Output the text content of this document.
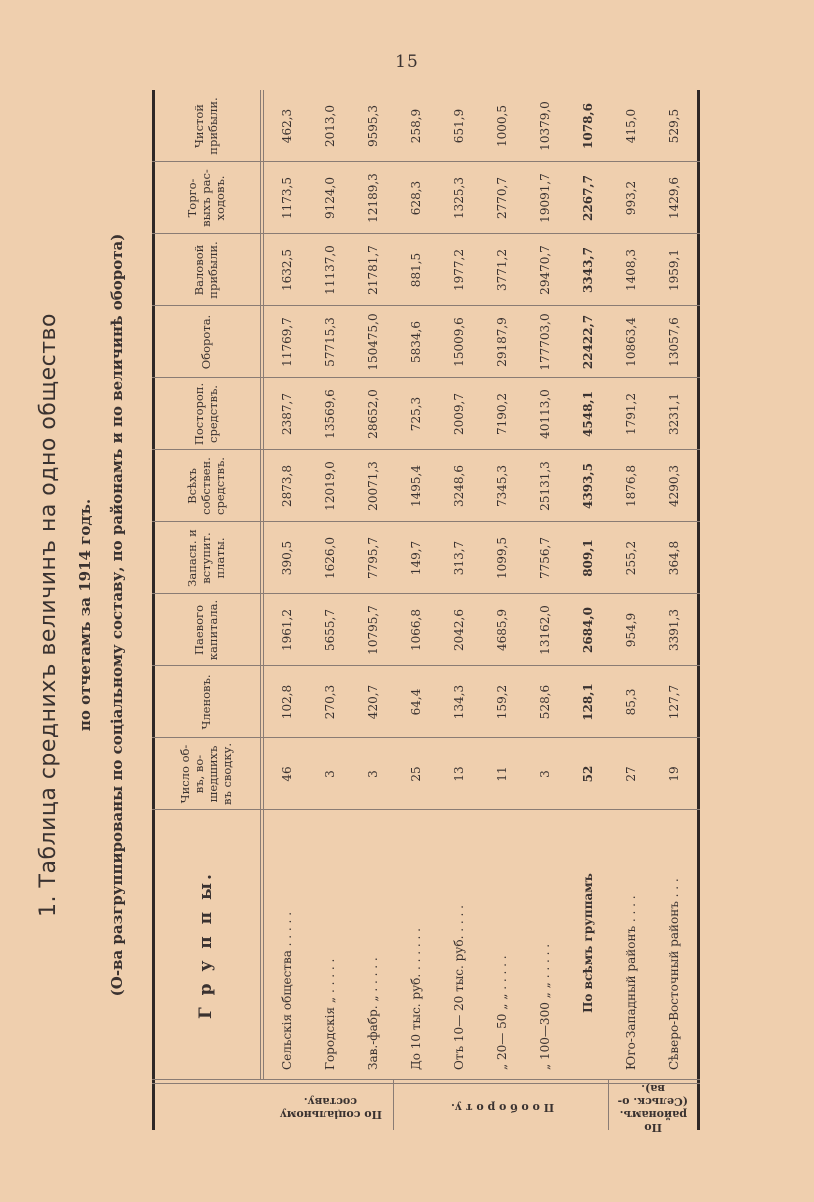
15
1. Таблица среднихъ величинъ на одно общество по отчетамъ за 1914 годъ. (О-ва разгруппированы по соціальному составу, по районамъ и по величинѣ оборота)	Г р у п п ы.
Число об-въ, во-шедшихъ въ сводку.
Членовъ.
Паевого капитала.
Запасн. и вступит. платы.
Всѣхъ собствен. средствъ.
Постороп. средствъ.
Оборота.
Валовой прибыли.
Торго-выхъ рас-ходовъ.
Чистой прибыли.
По соціальному составу.	П о о б о р о т у.
По районамъ. (Сельск. о-ва).
Сельскія общества . . . . .
46
102,8
1961,2
390,5
2873,8
2387,7
11769,7
1632,5
1173,5
462,3
Городскія „ . . . . .
3
270,3
5655,7
1626,0
12019,0
13569,6
57715,3
11137,0
9124,0
2013,0
Зав.-фабр. „ . . . . .
3
420,7
10795,7
7795,7
20071,3
28652,0
150475,0
21781,7
12189,3
9595,3
До 10 тыс. руб. . . . . . .
25
64,4
1066,8
149,7
1495,4
725,3
5834,6
881,5
628,3
258,9
Отъ 10— 20 тыс. руб. . . . .
13
134,3
2042,6
313,7
3248,6
2009,7
15009,6
1977,2
1325,3
651,9
„ 20— 50 „ „ . . . . .
11
159,2
4685,9
1099,5
7345,3
7190,2
29187,9
3771,2
2770,7
1000,5
„ 100—300 „ „ . . . . .
3
528,6
13162,0
7756,7
25131,3
40113,0
177703,0
29470,7
19091,7
10379,0
По всѣмъ группамъ
52
128,1
2684,0
809,1
4393,5
4548,1
22422,7
3343,7
2267,7
1078,6
Юго-Западный районъ . . . .
27
85,3
954,9
255,2
1876,8
1791,2
10863,4
1408,3
993,2
415,0
Сѣверо-Восточный районъ . . .
19
127,7
3391,3
364,8
4290,3
3231,1
13057,6
1959,1
1429,6
529,5
